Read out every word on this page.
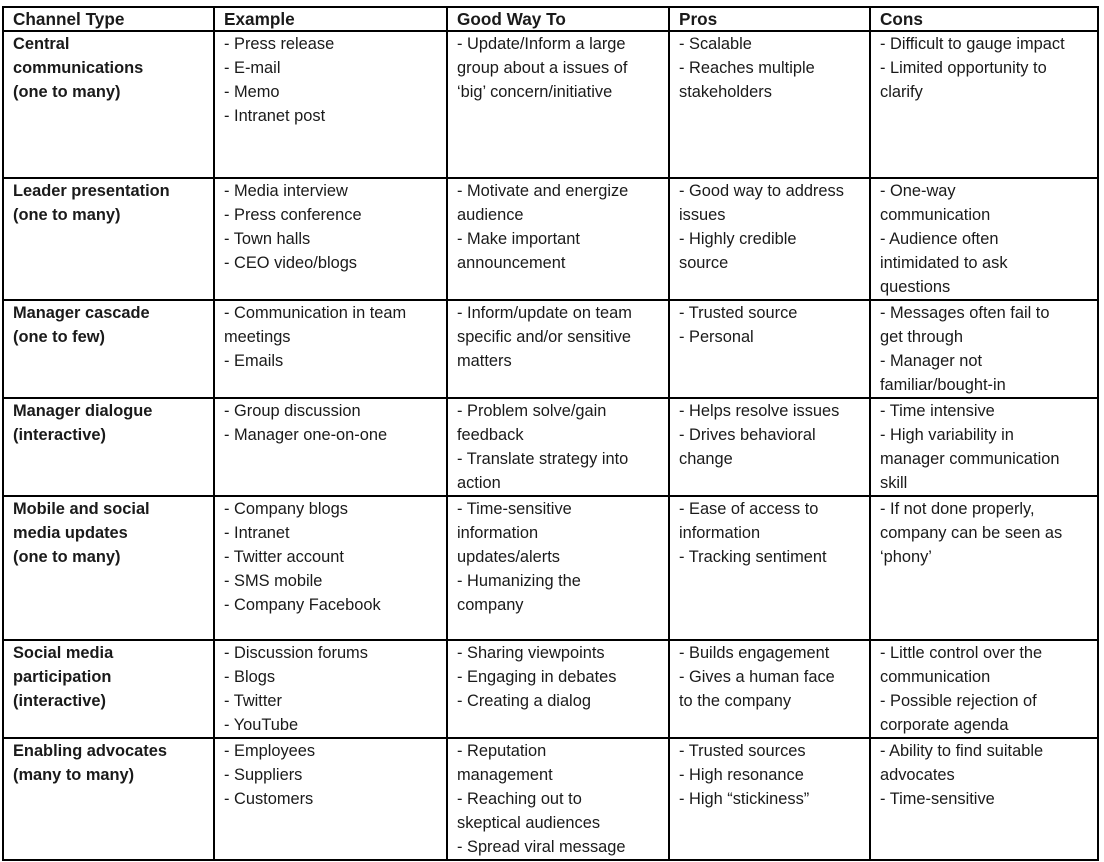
Channel Type	Example	Good Way To	Pros	Cons

Central
communications
(one to many)	- Press release
- E-mail
- Memo
- Intranet post	- Update/Inform a large
group about a issues of
‘big’ concern/initiative	- Scalable
- Reaches multiple
stakeholders	- Difficult to gauge impact
- Limited opportunity to
clarify

Leader presentation
(one to many)	- Media interview
- Press conference
- Town halls
- CEO video/blogs	- Motivate and energize
audience
- Make important
announcement	- Good way to address
issues
- Highly credible
source	- One-way
communication
- Audience often
intimidated to ask
questions

Manager cascade
(one to few)	- Communication in team
meetings
- Emails	- Inform/update on team
specific and/or sensitive
matters	- Trusted source
- Personal	- Messages often fail to
get through
- Manager not
familiar/bought-in

Manager dialogue
(interactive)	- Group discussion
- Manager one-on-one	- Problem solve/gain
feedback
- Translate strategy into
action	- Helps resolve issues
- Drives behavioral
change	- Time intensive
- High variability in
manager communication
skill

Mobile and social
media updates
(one to many)	- Company blogs
- Intranet
- Twitter account
- SMS mobile
- Company Facebook	- Time-sensitive
information
updates/alerts
- Humanizing the
company	- Ease of access to
information
- Tracking sentiment	- If not done properly,
company can be seen as
‘phony’

Social media
participation
(interactive)	- Discussion forums
- Blogs
- Twitter
- YouTube	- Sharing viewpoints
- Engaging in debates
- Creating a dialog	- Builds engagement
- Gives a human face
to the company	- Little control over the
communication
- Possible rejection of
corporate agenda

Enabling advocates
(many to many)	- Employees
- Suppliers
- Customers	- Reputation
management
- Reaching out to
skeptical audiences
- Spread viral message	- Trusted sources
- High resonance
- High “stickiness”	- Ability to find suitable
advocates
- Time-sensitive
